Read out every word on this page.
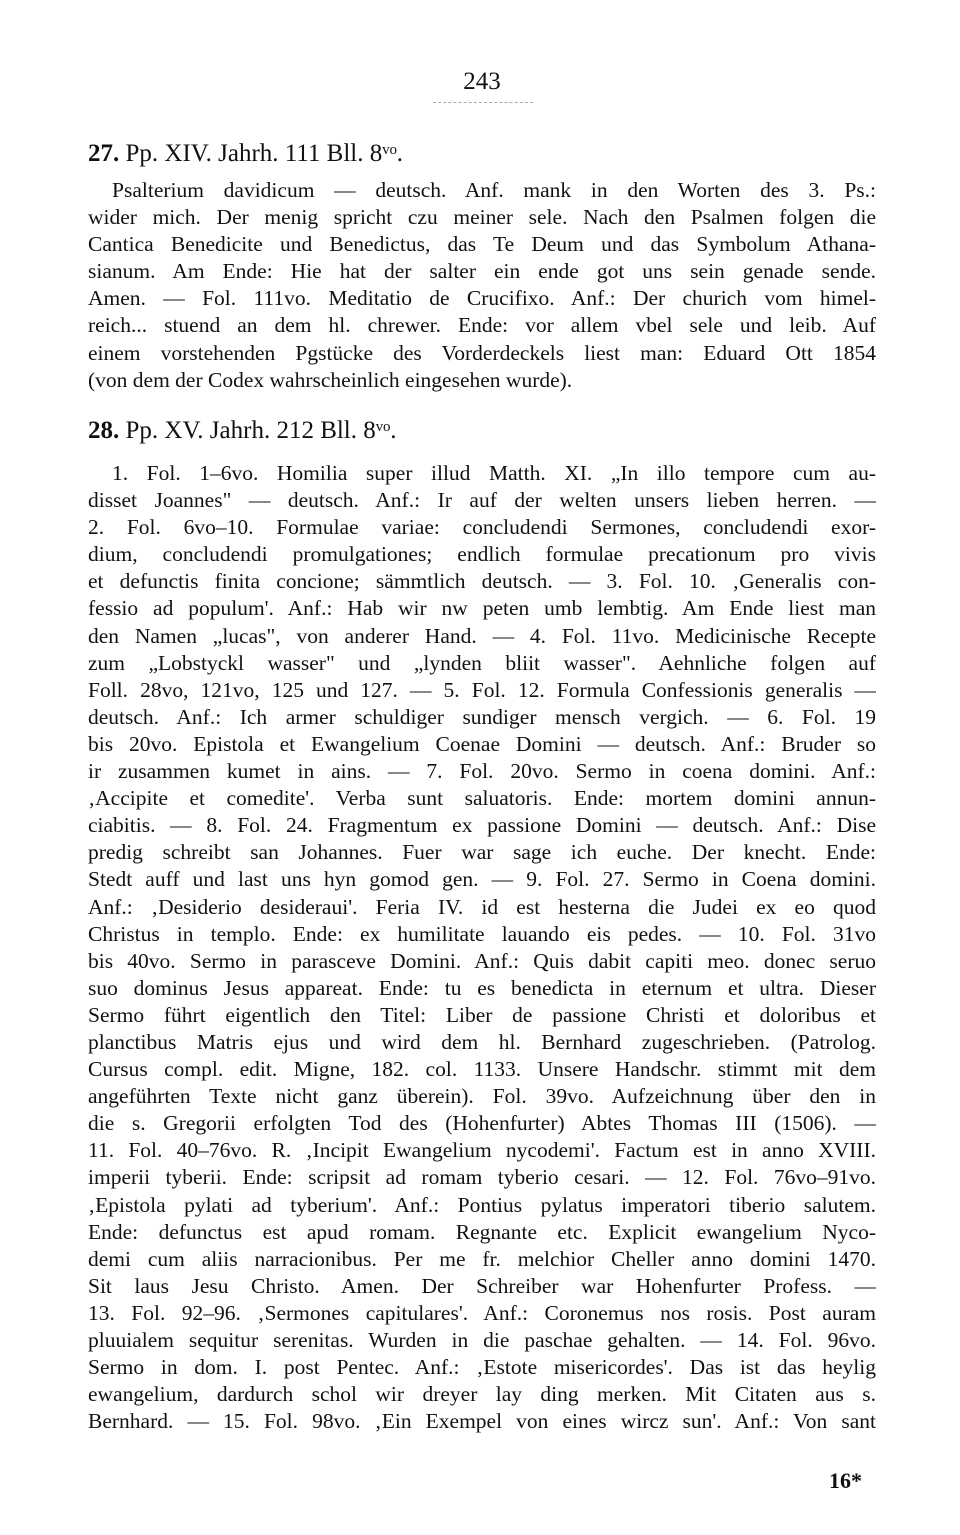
243
27. Pp. XIV. Jahrh. 111 Bll. 8ᵛᵒ.
Psalterium davidicum — deutsch. Anf. mank in den Worten des 3. Ps.:
wider mich. Der menig spricht czu meiner sele. Nach den Psalmen folgen die
Cantica Benedicite und Benedictus, das Te Deum und das Symbolum Athana-
sianum. Am Ende: Hie hat der salter ein ende got uns sein genade sende.
Amen. — Fol. 111vo. Meditatio de Crucifixo. Anf.: Der churich vom himel-
reich... stuend an dem hl. chrewer. Ende: vor allem vbel sele und leib. Auf
einem vorstehenden Pgstücke des Vorderdeckels liest man: Eduard Ott 1854
(von dem der Codex wahrscheinlich eingesehen wurde).
28. Pp. XV. Jahrh. 212 Bll. 8ᵛᵒ.
1. Fol. 1–6vo. Homilia super illud Matth. XI. „In illo tempore cum au-
disset Joannes" — deutsch. Anf.: Ir auf der welten unsers lieben herren. —
2. Fol. 6vo–10. Formulae variae: concludendi Sermones, concludendi exor-
dium, concludendi promulgationes; endlich formulae precationum pro vivis
et defunctis finita concione; sämmtlich deutsch. — 3. Fol. 10. ‚Generalis con-
fessio ad populum'. Anf.: Hab wir nw peten umb lembtig. Am Ende liest man
den Namen „lucas", von anderer Hand. — 4. Fol. 11vo. Medicinische Recepte
zum „Lobstyckl wasser" und „lynden bliit wasser". Aehnliche folgen auf
Foll. 28vo, 121vo, 125 und 127. — 5. Fol. 12. Formula Confessionis generalis —
deutsch. Anf.: Ich armer schuldiger sundiger mensch vergich. — 6. Fol. 19
bis 20vo. Epistola et Ewangelium Coenae Domini — deutsch. Anf.: Bruder so
ir zusammen kumet in ains. — 7. Fol. 20vo. Sermo in coena domini. Anf.:
‚Accipite et comedite'. Verba sunt saluatoris. Ende: mortem domini annun-
ciabitis. — 8. Fol. 24. Fragmentum ex passione Domini — deutsch. Anf.: Dise
predig schreibt san Johannes. Fuer war sage ich euche. Der knecht. Ende:
Stedt auff und last uns hyn gomod gen. — 9. Fol. 27. Sermo in Coena domini.
Anf.: ‚Desiderio desideraui'. Feria IV. id est hesterna die Judei ex eo quod
Christus in templo. Ende: ex humilitate lauando eis pedes. — 10. Fol. 31vo
bis 40vo. Sermo in parasceve Domini. Anf.: Quis dabit capiti meo. donec seruo
suo dominus Jesus appareat. Ende: tu es benedicta in eternum et ultra. Dieser
Sermo führt eigentlich den Titel: Liber de passione Christi et doloribus et
planctibus Matris ejus und wird dem hl. Bernhard zugeschrieben. (Patrolog.
Cursus compl. edit. Migne, 182. col. 1133. Unsere Handschr. stimmt mit dem
angeführten Texte nicht ganz überein). Fol. 39vo. Aufzeichnung über den in
die s. Gregorii erfolgten Tod des (Hohenfurter) Abtes Thomas III (1506). —
11. Fol. 40–76vo. R. ‚Incipit Ewangelium nycodemi'. Factum est in anno XVIII.
imperii tyberii. Ende: scripsit ad romam tyberio cesari. — 12. Fol. 76vo–91vo.
‚Epistola pylati ad tyberium'. Anf.: Pontius pylatus imperatori tiberio salutem.
Ende: defunctus est apud romam. Regnante etc. Explicit ewangelium Nyco-
demi cum aliis narracionibus. Per me fr. melchior Cheller anno domini 1470.
Sit laus Jesu Christo. Amen. Der Schreiber war Hohenfurter Profess. —
13. Fol. 92–96. ‚Sermones capitulares'. Anf.: Coronemus nos rosis. Post auram
pluuialem sequitur serenitas. Wurden in die paschae gehalten. — 14. Fol. 96vo.
Sermo in dom. I. post Pentec. Anf.: ‚Estote misericordes'. Das ist das heylig
ewangelium, dardurch schol wir dreyer lay ding merken. Mit Citaten aus s.
Bernhard. — 15. Fol. 98vo. ‚Ein Exempel von eines wircz sun'. Anf.: Von sant
16*
